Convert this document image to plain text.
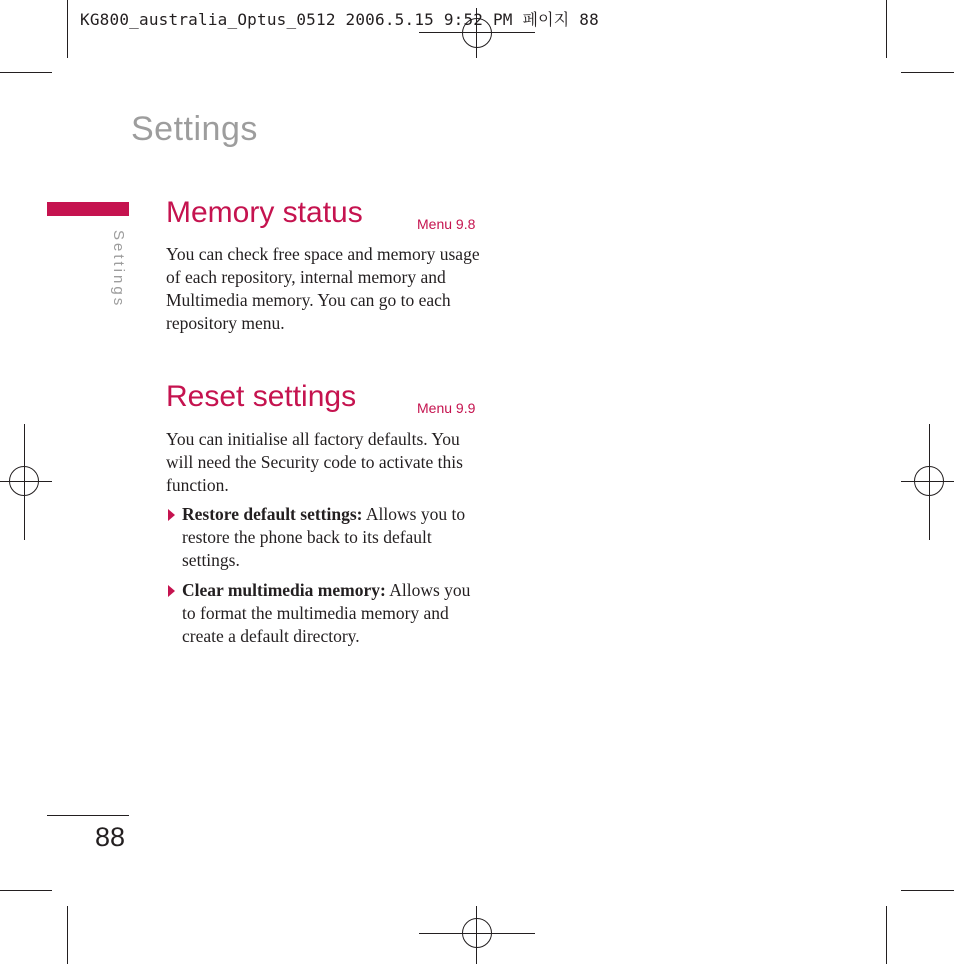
KG800_australia_Optus_0512 2006.5.15 9:52 PM 페이지 88
Settings
Settings
Memory status	Menu 9.8
You can check free space and memory usage of each repository, internal memory and Multimedia memory. You can go to each repository menu.
Reset settings	Menu 9.9
You can initialise all factory defaults. You will need the Security code to activate this function.
Restore default settings: Allows you to restore the phone back to its default settings.
Clear multimedia memory: Allows you to format the multimedia memory and create a default directory.
88
